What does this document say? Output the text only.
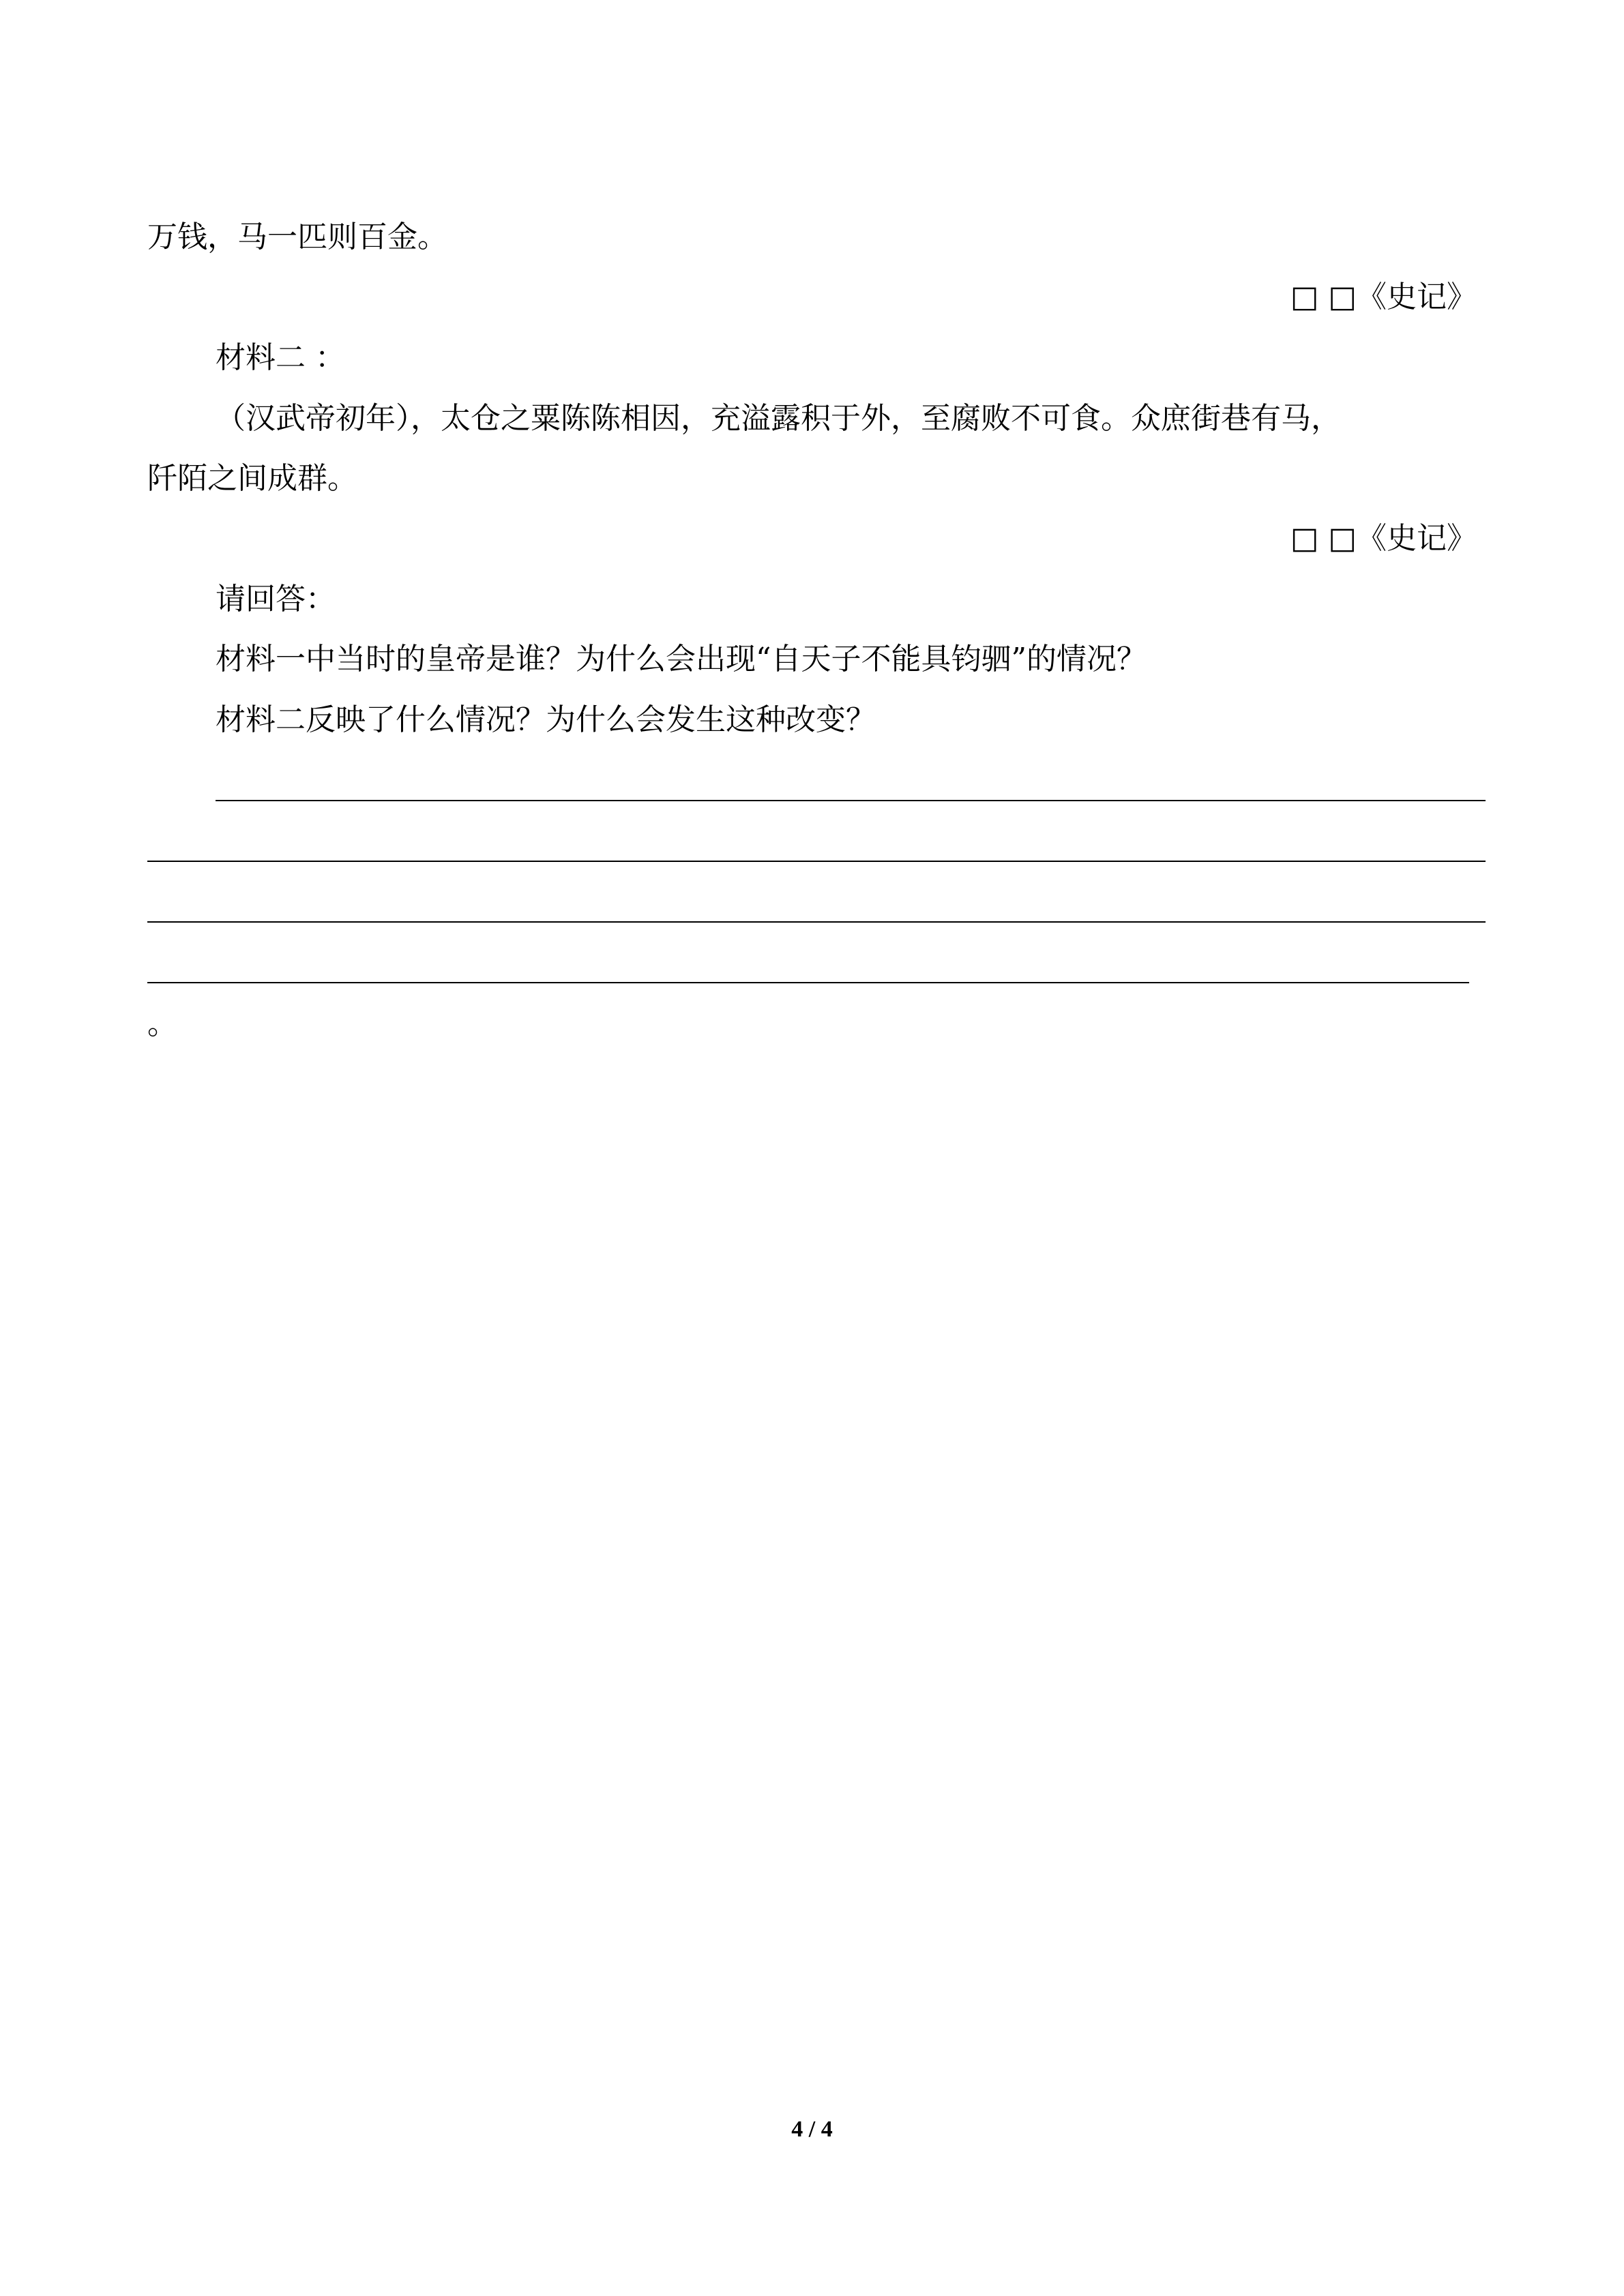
万钱，马一匹则百金。
□ □《史记》
材料二 ：
（汉武帝初年），太仓之粟陈陈相因，充溢露积于外，至腐败不可食。众庶街巷有马，
阡陌之间成群。
□ □《史记》
请回答：
材料一中当时的皇帝是谁？为什么会出现“自天子不能具钧驷”的情况？
材料二反映了什么情况？为什么会发生这种改变？
。
4 / 4
